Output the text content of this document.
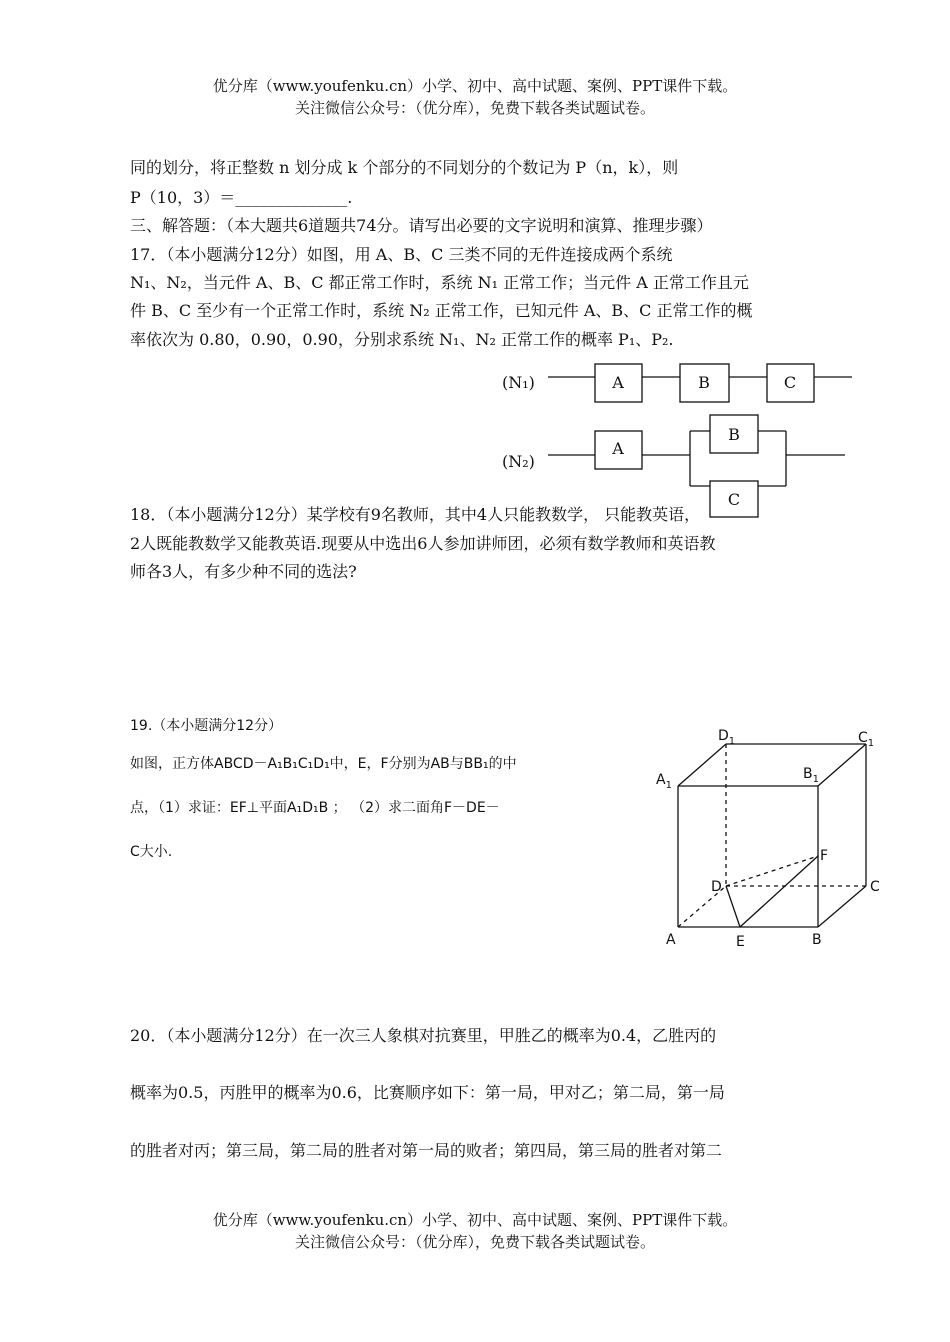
优分库（www.youfenku.cn）小学、初中、高中试题、案例、PPT课件下载。
关注微信公众号：（优分库），免费下载各类试题试卷。
同的划分，将正整数 n 划分成 k 个部分的不同划分的个数记为 P（n，k），则
P（10，3）＝______________.
三、解答题：（本大题共6道题共74分。请写出必要的文字说明和演算、推理步骤）
17．（本小题满分12分）如图，用 A、B、C 三类不同的无件连接成两个系统
N₁、N₂，当元件 A、B、C 都正常工作时，系统 N₁ 正常工作；当元件 A 正常工作且元
件 B、C 至少有一个正常工作时，系统 N₂ 正常工作，已知元件 A、B、C 正常工作的概
率依次为 0.80，0.90，0.90，分别求系统 N₁、N₂ 正常工作的概率 P₁、P₂.
(N₁)
(N₂)
A	B	C
A
B
C
18．（本小题满分12分）某学校有9名教师，其中4人只能教数学， 只能教英语，
2人既能教数学又能教英语.现要从中选出6人参加讲师团，必须有数学教师和英语教
师各3人，有多少种不同的选法?
19.（本小题满分12分）
如图，正方体ABCD－A₁B₁C₁D₁中，E，F分别为AB与BB₁的中
点，（1）求证：EF⊥平面A₁D₁B ； （2）求二面角F－DE－
C大小.
$A_1$
$B_1$
$D_1$	$C_1$
A	B
C
D
E
F
20．（本小题满分12分）在一次三人象棋对抗赛里，甲胜乙的概率为0.4，乙胜丙的
概率为0.5，丙胜甲的概率为0.6，比赛顺序如下：第一局，甲对乙；第二局，第一局
的胜者对丙；第三局，第二局的胜者对第一局的败者；第四局，第三局的胜者对第二
优分库（www.youfenku.cn）小学、初中、高中试题、案例、PPT课件下载。
关注微信公众号：（优分库），免费下载各类试题试卷。
